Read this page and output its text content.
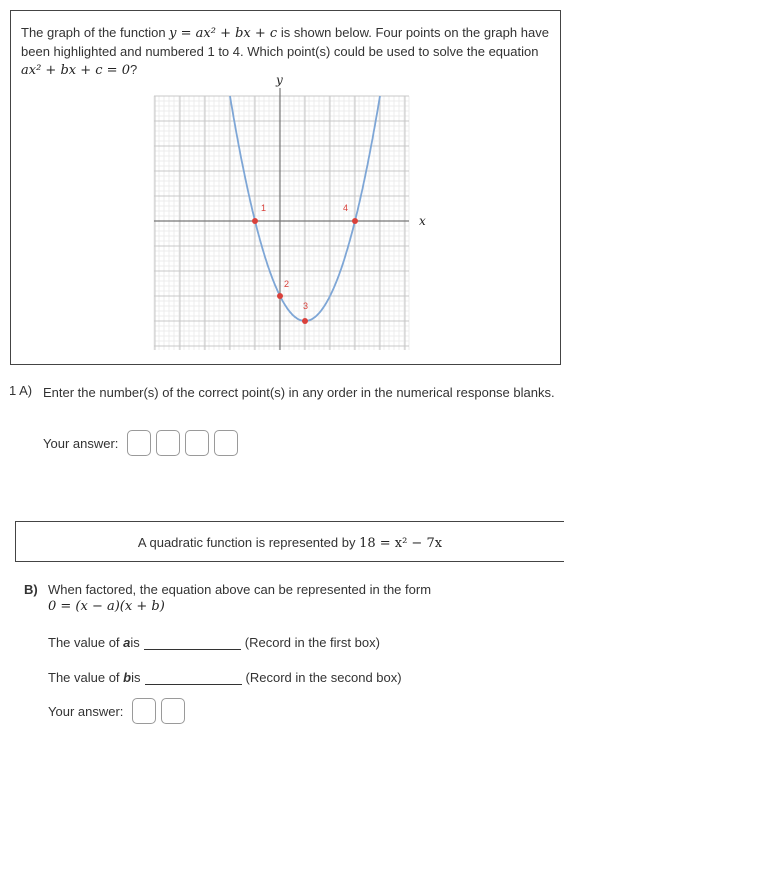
The graph of the function y = ax² + bx + c is shown below. Four points on the graph have been highlighted and numbered 1 to 4. Which point(s) could be used to solve the equation ax² + bx + c = 0?
x
y
1
2
3
4
1 A) Enter the number(s) of the correct point(s) in any order in the numerical response blanks.
Your answer:
A quadratic function is represented by 18 = x² − 7x
B) When factored, the equation above can be represented in the form
0 = (x − a)(x + b)
The value of
a is	(Record in the first box)
The value of
b is	(Record in the second box)
Your answer:
